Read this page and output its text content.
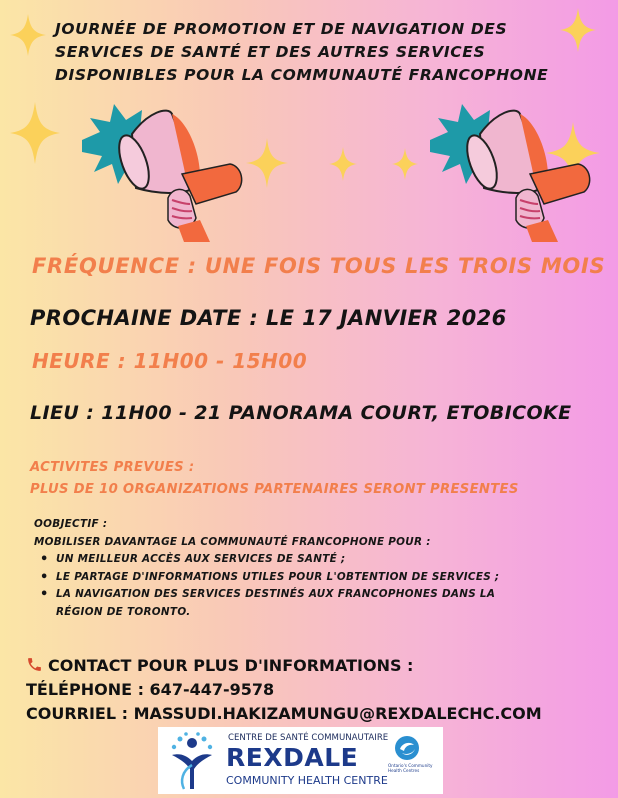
JOURNÉE DE PROMOTION ET DE NAVIGATION DES
SERVICES DE SANTÉ ET DES AUTRES SERVICES
DISPONIBLES POUR LA COMMUNAUTÉ FRANCOPHONE
FRÉQUENCE : UNE FOIS TOUS LES TROIS MOIS
PROCHAINE DATE : LE 17 JANVIER 2026
HEURE : 11H00 - 15H00
LIEU : 11H00 - 21 PANORAMA COURT, ETOBICOKE
ACTIVITES PREVUES :
PLUS DE 10 ORGANIZATIONS PARTENAIRES SERONT PRESENTES
OOBJECTIF :
MOBILISER DAVANTAGE LA COMMUNAUTÉ FRANCOPHONE POUR :
• UN MEILLEUR ACCÈS AUX SERVICES DE SANTÉ ;
• LE PARTAGE D'INFORMATIONS UTILES POUR L'OBTENTION DE SERVICES ;
• LA NAVIGATION DES SERVICES DESTINÉS AUX FRANCOPHONES DANS LA
RÉGION DE TORONTO.
CONTACT POUR PLUS D'INFORMATIONS :
TÉLÉPHONE : 647-447-9578
COURRIEL : MASSUDI.HAKIZAMUNGU@REXDALECHC.COM
CENTRE DE SANTÉ COMMUNAUTAIRE
REXDALE
COMMUNITY HEALTH CENTRE
Ontario's Community
Health Centres
